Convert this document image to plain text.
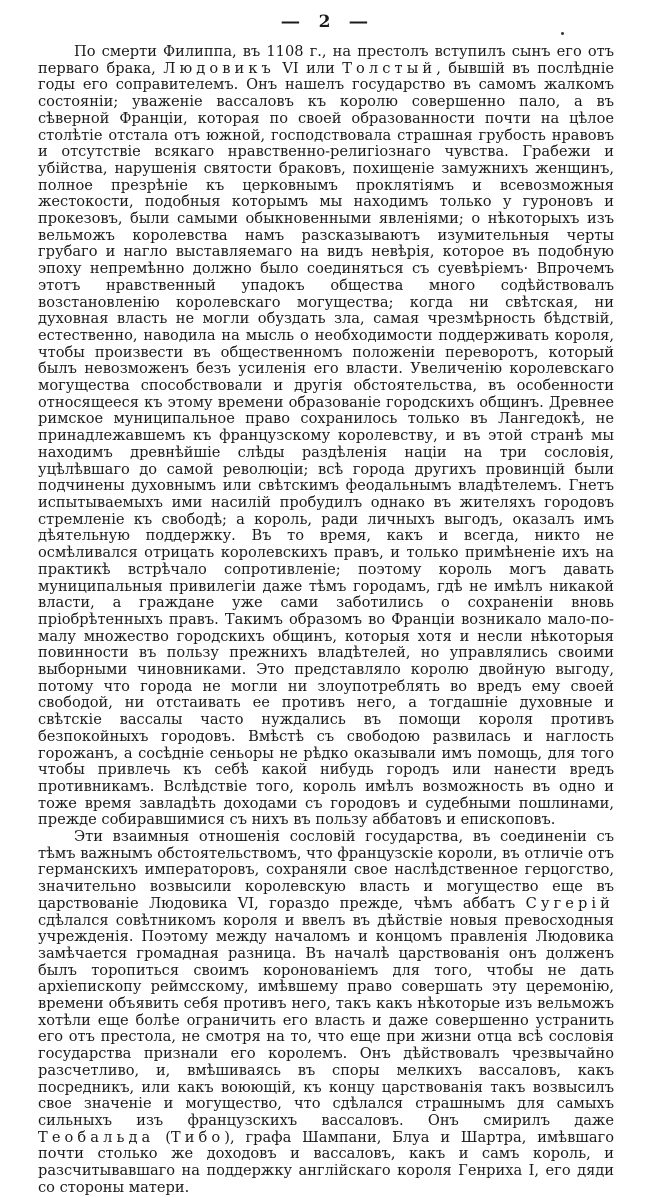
— 2 —

По смерти Филиппа, въ 1108 г., на престолъ вступилъ сынъ его отъ перваго брака, Людовикъ VI или Толстый, бывшій въ послѣдніе годы его соправителемъ. Онъ нашелъ государство въ самомъ жалкомъ состояніи; уваженіе вассаловъ къ королю совершенно пало, а въ сѣверной Франціи, которая по своей образованности почти на цѣлое столѣтіе отстала отъ южной, господствовала страшная грубость нравовъ и отсутствіе всякаго нравственно-религіознаго чувства. Грабежи и убійства, нарушенія святости браковъ, похищеніе замужнихъ женщинъ, полное презрѣніе къ церковнымъ проклятіямъ и всевозможныя жестокости, подобныя которымъ мы находимъ только у гуроновъ и прокезовъ, были самыми обыкновенными явленіями; о нѣкоторыхъ изъ вельможъ королевства намъ разсказываютъ изумительныя черты грубаго и нагло выставляемаго на видъ невѣрія, которое въ подобную эпоху непремѣнно должно было соединяться съ суевѣріемъ· Впрочемъ этотъ нравственный упадокъ общества много содѣйствовалъ возстановленію королевскаго могущества; когда ни свѣтская, ни духовная власть не могли обуздать зла, самая чрезмѣрность бѣдствій, естественно, наводила на мысль о необходимости поддерживать короля, чтобы произвести въ общественномъ положеніи переворотъ, который былъ невозможенъ безъ усиленія его власти. Увеличенію королевскаго могущества способствовали и другія обстоятельства, въ особенности относящееся къ этому времени образованіе городскихъ общинъ. Древнее римское муниципальное право сохранилось только въ Лангедокѣ, не принадлежавшемъ къ французскому королевству, и въ этой странѣ мы находимъ древнѣйшіе слѣды раздѣленія націи на три сословія, уцѣлѣвшаго до самой революціи; всѣ города другихъ провинцій были подчинены духовнымъ или свѣтскимъ феодальнымъ владѣтелемъ. Гнетъ испытываемыхъ ими насилій пробудилъ однако въ жителяхъ городовъ стремленіе къ свободѣ; а король, ради личныхъ выгодъ, оказалъ имъ дѣятельную поддержку. Въ то время, какъ и всегда, никто не осмѣливался отрицать королевскихъ правъ, и только примѣненіе ихъ на практикѣ встрѣчало сопротивленіе; поэтому король могъ давать муниципальныя привилегіи даже тѣмъ городамъ, гдѣ не имѣлъ никакой власти, а граждане уже сами заботились о сохраненіи вновь пріобрѣтенныхъ правъ. Такимъ образомъ во Франціи возникало мало-по-малу множество городскихъ общинъ, которыя хотя и несли нѣкоторыя повинности въ пользу прежнихъ владѣтелей, но управлялись своими выборными чиновниками. Это представляло королю двойную выгоду, потому что города не могли ни злоупотреблять во вредъ ему своей свободой, ни отстаивать ее противъ него, а тогдашніе духовные и свѣтскіе вассалы часто нуждались въ помощи короля противъ безпокойныхъ городовъ. Вмѣстѣ съ свободою развилась и наглость горожанъ, а сосѣдніе сеньоры не рѣдко оказывали имъ помощь, для того чтобы привлечь къ себѣ какой нибудь городъ или нанести вредъ противникамъ. Вслѣдствіе того, король имѣлъ возможность въ одно и тоже время завладѣть доходами съ городовъ и судебными пошлинами, прежде собиравшимися съ нихъ въ пользу аббатовъ и епископовъ.

Эти взаимныя отношенія сословій государства, въ соединеніи съ тѣмъ важнымъ обстоятельствомъ, что французскіе короли, въ отличіе отъ германскихъ императоровъ, сохраняли свое наслѣдственное герцогство, значительно возвысили королевскую власть и могущество еще въ царствованіе Людовика VI, гораздо прежде, чѣмъ аббатъ Сугерій сдѣлался совѣтникомъ короля и ввелъ въ дѣйствіе новыя превосходныя учрежденія. Поэтому между началомъ и концомъ правленія Людовика замѣчается громадная разница. Въ началѣ царствованія онъ долженъ былъ торопиться своимъ коронованіемъ для того, чтобы не дать архіепископу реймсскому, имѣвшему право совершать эту церемонію, времени объявить себя противъ него, такъ какъ нѣкоторые изъ вельможъ хотѣли еще болѣе ограничить его власть и даже совершенно устранить его отъ престола, не смотря на то, что еще при жизни отца всѣ сословія государства признали его королемъ. Онъ дѣйствовалъ чрезвычайно разсчетливо, и, вмѣшиваясь въ споры мелкихъ вассаловъ, какъ посредникъ, или какъ воюющій, къ концу царствованія такъ возвысилъ свое значеніе и могущество, что сдѣлался страшнымъ для самыхъ сильныхъ изъ французскихъ вассаловъ. Онъ смирилъ даже Теобальда (Тибо), графа Шампани, Блуа и Шартра, имѣвшаго почти столько же доходовъ и вассаловъ, какъ и самъ король, и разсчитывавшаго на поддержку англійскаго короля Генриха I, его дяди со стороны матери.
